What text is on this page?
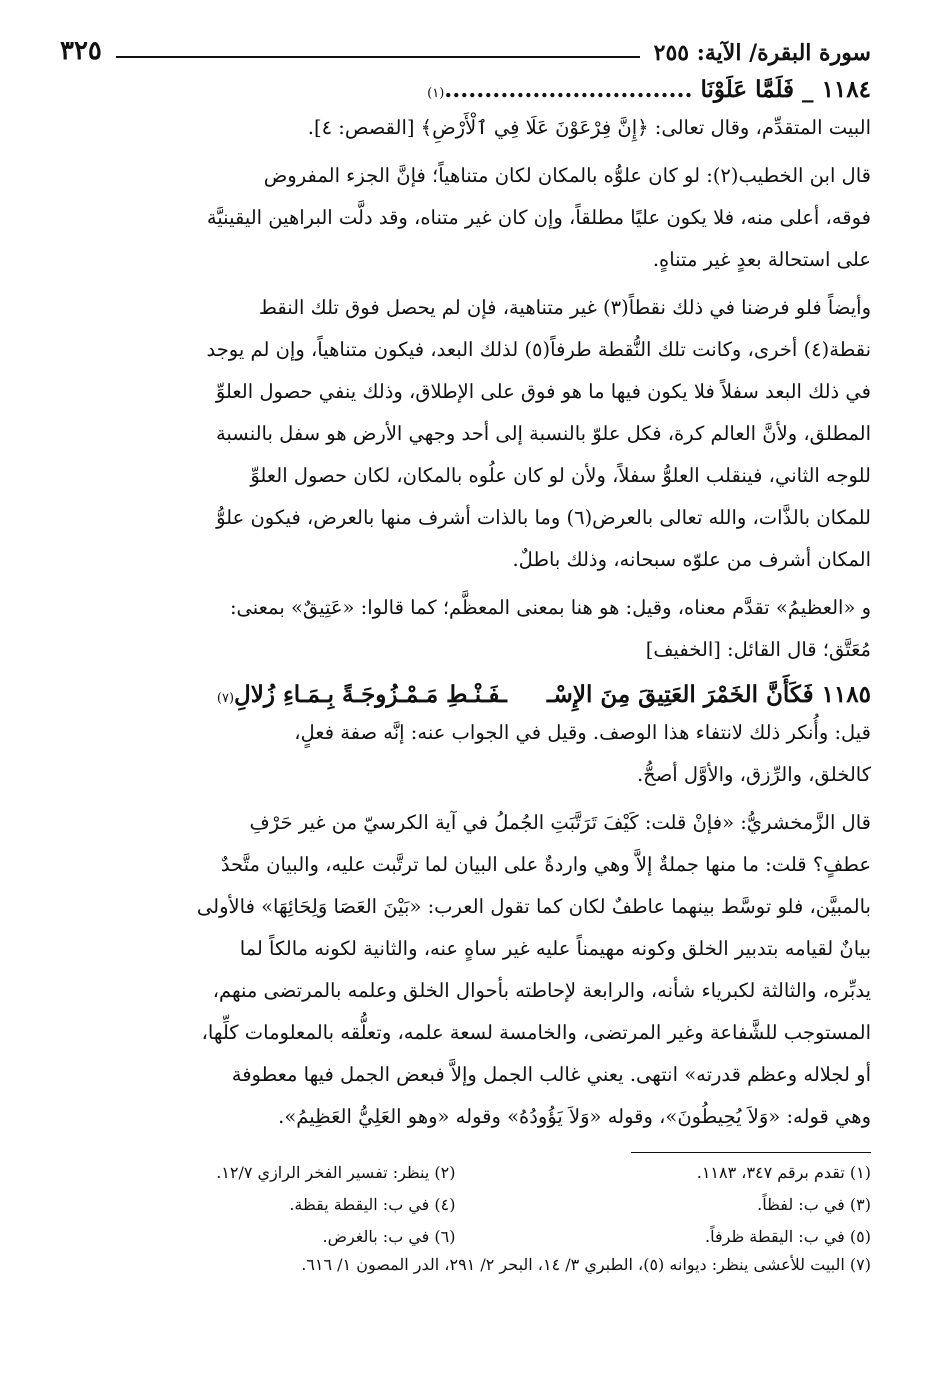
سورة البقرة/ الآية: ٢٥٥
٣٢٥
١١٨٤ _ فَلَمَّا عَلَوْنَا ...............................
(١)

البيت المتقدِّم، وقال تعالى: ﴿إِنَّ فِرْعَوْنَ عَلَا فِي ٱلْأَرْضِ﴾ [القصص: ٤].

قال ابن الخطيب(٢): لو كان علوُّه بالمكان لكان متناهياً؛ فإنَّ الجزء المفروض

فوقه، أعلى منه، فلا يكون عليًا مطلقاً، وإن كان غير متناه، وقد دلَّت البراهين اليقينيَّة

على استحالة بعدٍ غير متناهٍ.

وأيضاً فلو فرضنا في ذلك نقطاً(٣) غير متناهية، فإن لم يحصل فوق تلك النقط

نقطة(٤) أخرى، وكانت تلك النُّقطة طرفاً(٥) لذلك البعد، فيكون متناهياً، وإن لم يوجد

في ذلك البعد سفلاً فلا يكون فيها ما هو فوق على الإطلاق، وذلك ينفي حصول العلوِّ

المطلق، ولأنَّ العالم كرة، فكل علوّ بالنسبة إلى أحد وجهي الأرض هو سفل بالنسبة

للوجه الثاني، فينقلب العلوُّ سفلاً، ولأن لو كان علُوه بالمكان، لكان حصول العلوِّ

للمكان بالذَّات، والله تعالى بالعرض(٦) وما بالذات أشرف منها بالعرض، فيكون علوُّ

المكان أشرف من علوّه سبحانه، وذلك باطلٌ.

و «العظيمُ» تقدَّم معناه، وقيل: هو هنا بمعنى المعظَّم؛ كما قالوا: «عَتِيقٌ» بمعنى:

مُعَتَّق؛ قال القائل: [الخفيف]

١١٨٥ فَكَأَنَّ الخَمْرَ العَتِيقَ مِنَ الإِسْـ
ـفَـنْـطِ مَـمْـزُوجَـةً بِـمَـاءِ زُلالِ
(٧)

قيل: وأُنكر ذلك لانتفاء هذا الوصف. وقيل في الجواب عنه: إنَّه صفة فعلٍ،

كالخلق، والرِّزق، والأوَّل أصحُّ.

قال الزَّمخشريُّ: «فإنْ قلت: كَيْفَ تَرَتَّبَتِ الجُملُ في آية الكرسيّ من غير حَرْفِ

عطفٍ؟ قلت: ما منها جملةٌ إلاَّ وهي واردةٌ على البيان لما ترتَّبت عليه، والبيان متَّحدٌ

بالمبيَّن، فلو توسَّط بينهما عاطفٌ لكان كما تقول العرب: «بَيْنَ العَصَا وَلِحَائِهَا» فالأولى

بيانٌ لقيامه بتدبير الخلق وكونه مهيمناً عليه غير ساهٍ عنه، والثانية لكونه مالكاً لما

يدبِّره، والثالثة لكبرياء شأنه، والرابعة لإحاطته بأحوال الخلق وعلمه بالمرتضى منهم،

المستوجب للشَّفاعة وغير المرتضى، والخامسة لسعة علمه، وتعلُّقه بالمعلومات كلِّها،

أو لجلاله وعظم قدرته» انتهى. يعني غالب الجمل وإلاَّ فبعض الجمل فيها معطوفة

وهي قوله: «وَلاَ يُحِيطُونَ»، وقوله «وَلاَ يَؤُودُهُ» وقوله «وهو العَلِيُّ العَظِيمُ».

(١) تقدم برقم ٣٤٧، ١١٨٣.
(٢) ينظر: تفسير الفخر الرازي ١٢/٧.
(٣) في ب: لفظاً.
(٤) في ب: اليقطة يقظة.
(٥) في ب: اليقطة ظرفاً.
(٦) في ب: بالغرض.
(٧) البيت للأعشى ينظر: ديوانه (٥)، الطبري ٣/ ١٤، البحر ٢/ ٢٩١، الدر المصون ١/ ٦١٦.
